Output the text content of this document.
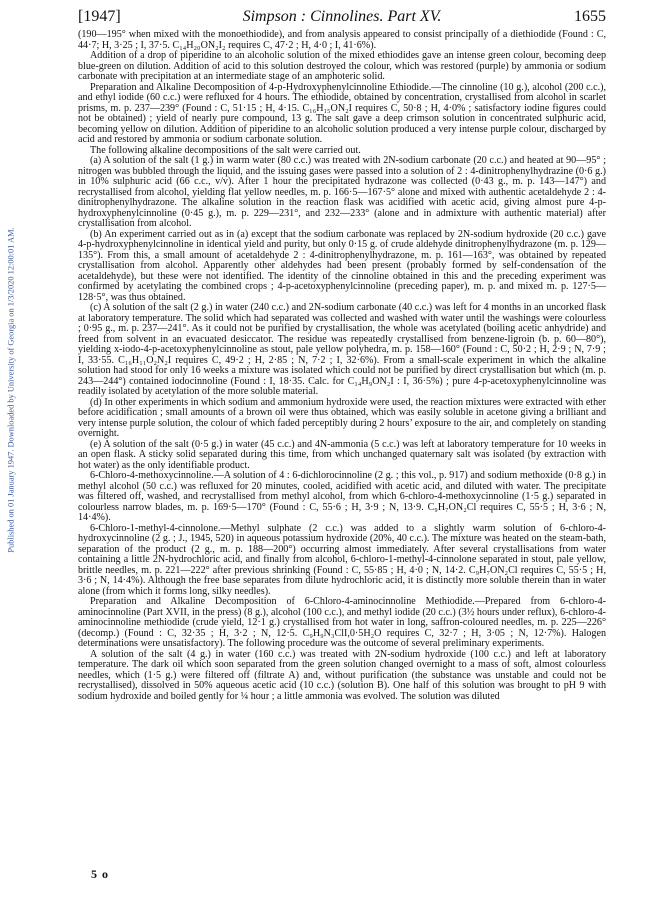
Published on 01 January 1947. Downloaded by University of Georgia on 1/3/2020 12:00:01 AM.
[1947]	Simpson : Cinnolines. Part XV.	1655

(190—195° when mixed with the monoethiodide), and from analysis appeared to consist principally of a diethiodide (Found : C, 44·7; H, 3·25 ; I, 37·5. C₁₄H₂₀ON₂I₂ requires C, 47·2 ; H, 4·0 ; I, 41·6%).

Addition of a drop of piperidine to an alcoholic solution of the mixed ethiodides gave an intense green colour, becoming deep blue-green on dilution. Addition of acid to this solution destroyed the colour, which was restored (purple) by ammonia or sodium carbonate with precipitation at an intermediate stage of an amphoteric solid.

Preparation and Alkaline Decomposition of 4-p-Hydroxyphenylcinnoline Ethiodide.—The cinnoline (10 g.), alcohol (200 c.c.), and ethyl iodide (60 c.c.) were refluxed for 4 hours. The ethiodide, obtained by concentration, crystallised from alcohol in scarlet prisms, m. p. 237—239° (Found : C, 51·15 ; H, 4·15. C₁₆H₁₅ON₂I requires C, 50·8 ; H, 4·0% ; satisfactory iodine figures could not be obtained) ; yield of nearly pure compound, 13 g. The salt gave a deep crimson solution in concentrated sulphuric acid, becoming yellow on dilution. Addition of piperidine to an alcoholic solution produced a very intense purple colour, discharged by acid and restored by ammonia or sodium carbonate solution.

The following alkaline decompositions of the salt were carried out.

(a) A solution of the salt (1 g.) in warm water (80 c.c.) was treated with 2N-sodium carbonate (20 c.c.) and heated at 90—95° ; nitrogen was bubbled through the liquid, and the issuing gases were passed into a solution of 2 : 4-dinitrophenylhydrazine (0·6 g.) in 10% sulphuric acid (66 c.c., v/v). After 1 hour the precipitated hydrazone was collected (0·43 g., m. p. 143—147°) and recrystallised from alcohol, yielding flat yellow needles, m. p. 166·5—167·5° alone and mixed with authentic acetaldehyde 2 : 4-dinitrophenylhydrazone. The alkaline solution in the reaction flask was acidified with acetic acid, giving almost pure 4-p-hydroxyphenylcinnoline (0·45 g.), m. p. 229—231°, and 232—233° (alone and in admixture with authentic material) after crystallisation from alcohol.

(b) An experiment carried out as in (a) except that the sodium carbonate was replaced by 2N-sodium hydroxide (20 c.c.) gave 4-p-hydroxyphenylcinnoline in identical yield and purity, but only 0·15 g. of crude aldehyde dinitrophenylhydrazone (m. p. 129—135°). From this, a small amount of acetaldehyde 2 : 4-dinitrophenylhydrazone, m. p. 161—163°, was obtained by repeated crystallisation from alcohol. Apparently other aldehydes had been present (probably formed by self-condensation of the acetaldehyde), but these were not identified. The identity of the cinnoline obtained in this and the preceding experiment was confirmed by acetylating the combined crops ; 4-p-acetoxyphenylcinnoline (preceding paper), m. p. and mixed m. p. 127·5—128·5°, was thus obtained.

(c) A solution of the salt (2 g.) in water (240 c.c.) and 2N-sodium carbonate (40 c.c.) was left for 4 months in an uncorked flask at laboratory temperature. The solid which had separated was collected and washed with water until the washings were colourless ; 0·95 g., m. p. 237—241°. As it could not be purified by crystallisation, the whole was acetylated (boiling acetic anhydride) and freed from solvent in an evacuated desiccator. The residue was repeatedly crystallised from benzene-ligroin (b. p. 60—80°), yielding x-iodo-4-p-acetoxyphenylcinnoline as stout, pale yellow polyhedra, m. p. 158—160° (Found : C, 50·2 ; H, 2·9 ; N, 7·9 ; I, 33·55. C₁₆H₁₁O₂N₂I requires C, 49·2 ; H, 2·85 ; N, 7·2 ; I, 32·6%). From a small-scale experiment in which the alkaline solution had stood for only 16 weeks a mixture was isolated which could not be purified by direct crystallisation but which (m. p. 243—244°) contained iodocinnoline (Found : I, 18·35. Calc. for C₁₄H₉ON₂I : I, 36·5%) ; pure 4-p-acetoxyphenylcinnoline was readily isolated by acetylation of the more soluble material.

(d) In other experiments in which sodium and ammonium hydroxide were used, the reaction mixtures were extracted with ether before acidification ; small amounts of a brown oil were thus obtained, which was easily soluble in acetone giving a brilliant and very intense purple solution, the colour of which faded perceptibly during 2 hours’ exposure to the air, and completely on standing overnight.

(e) A solution of the salt (0·5 g.) in water (45 c.c.) and 4N-ammonia (5 c.c.) was left at laboratory temperature for 10 weeks in an open flask. A sticky solid separated during this time, from which unchanged quaternary salt was isolated (by extraction with hot water) as the only identifiable product.

6-Chloro-4-methoxycinnoline.—A solution of 4 : 6-dichlorocinnoline (2 g. ; this vol., p. 917) and sodium methoxide (0·8 g.) in methyl alcohol (50 c.c.) was refluxed for 20 minutes, cooled, acidified with acetic acid, and diluted with water. The precipitate was filtered off, washed, and recrystallised from methyl alcohol, from which 6-chloro-4-methoxycinnoline (1·5 g.) separated in colourless narrow blades, m. p. 169·5—170° (Found : C, 55·6 ; H, 3·9 ; N, 13·9. C₉H₇ON₂Cl requires C, 55·5 ; H, 3·6 ; N, 14·4%).

6-Chloro-1-methyl-4-cinnolone.—Methyl sulphate (2 c.c.) was added to a slightly warm solution of 6-chloro-4-hydroxycinnoline (2 g. ; J., 1945, 520) in aqueous potassium hydroxide (20%, 40 c.c.). The mixture was heated on the steam-bath, separation of the product (2 g., m. p. 188—200°) occurring almost immediately. After several crystallisations from water containing a little 2N-hydrochloric acid, and finally from alcohol, 6-chloro-1-methyl-4-cinnolone separated in stout, pale yellow, brittle needles, m. p. 221—222° after previous shrinking (Found : C, 55·85 ; H, 4·0 ; N, 14·2. C₉H₇ON₂Cl requires C, 55·5 ; H, 3·6 ; N, 14·4%). Although the free base separates from dilute hydrochloric acid, it is distinctly more soluble therein than in water alone (from which it forms long, silky needles).

Preparation and Alkaline Decomposition of 6-Chloro-4-aminocinnoline Methiodide.—Prepared from 6-chloro-4-aminocinnoline (Part XVII, in the press) (8 g.), alcohol (100 c.c.), and methyl iodide (20 c.c.) (3½ hours under reflux), 6-chloro-4-aminocinnoline methiodide (crude yield, 12·1 g.) crystallised from hot water in long, saffron-coloured needles, m. p. 225—226° (decomp.) (Found : C, 32·35 ; H, 3·2 ; N, 12·5. C₉H₉N₃ClI,0·5H₂O requires C, 32·7 ; H, 3·05 ; N, 12·7%). Halogen determinations were unsatisfactory). The following procedure was the outcome of several preliminary experiments.

A solution of the salt (4 g.) in water (160 c.c.) was treated with 2N-sodium hydroxide (100 c.c.) and left at laboratory temperature. The dark oil which soon separated from the green solution changed overnight to a mass of soft, almost colourless needles, which (1·5 g.) were filtered off (filtrate A) and, without purification (the substance was unstable and could not be recrystallised), dissolved in 50% aqueous acetic acid (10 c.c.) (solution B). One half of this solution was brought to pH 9 with sodium hydroxide and boiled gently for ¼ hour ; a little ammonia was evolved. The solution was diluted

5 o
